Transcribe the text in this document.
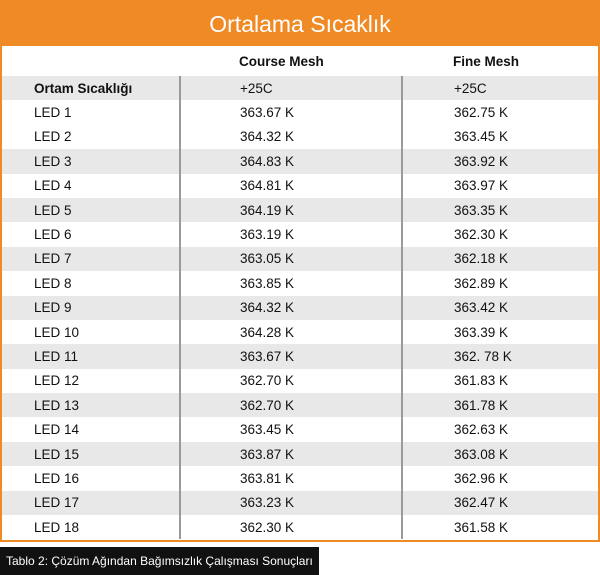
Ortalama Sıcaklık
	Course Mesh	Fine Mesh
Ortam Sıcaklığı	+25C	+25C
LED 1	363.67 K	362.75 K
LED 2	364.32 K	363.45 K
LED 3	364.83 K	363.92 K
LED 4	364.81 K	363.97 K
LED 5	364.19 K	363.35 K
LED 6	363.19 K	362.30 K
LED 7	363.05 K	362.18 K
LED 8	363.85 K	362.89 K
LED 9	364.32 K	363.42 K
LED 10	364.28 K	363.39 K
LED 11	363.67 K	362. 78 K
LED 12	362.70 K	361.83 K
LED 13	362.70 K	361.78 K
LED 14	363.45 K	362.63 K
LED 15	363.87 K	363.08 K
LED 16	363.81 K	362.96 K
LED 17	363.23 K	362.47 K
LED 18	362.30 K	361.58 K
Tablo 2: Çözüm Ağından Bağımsızlık Çalışması Sonuçları
